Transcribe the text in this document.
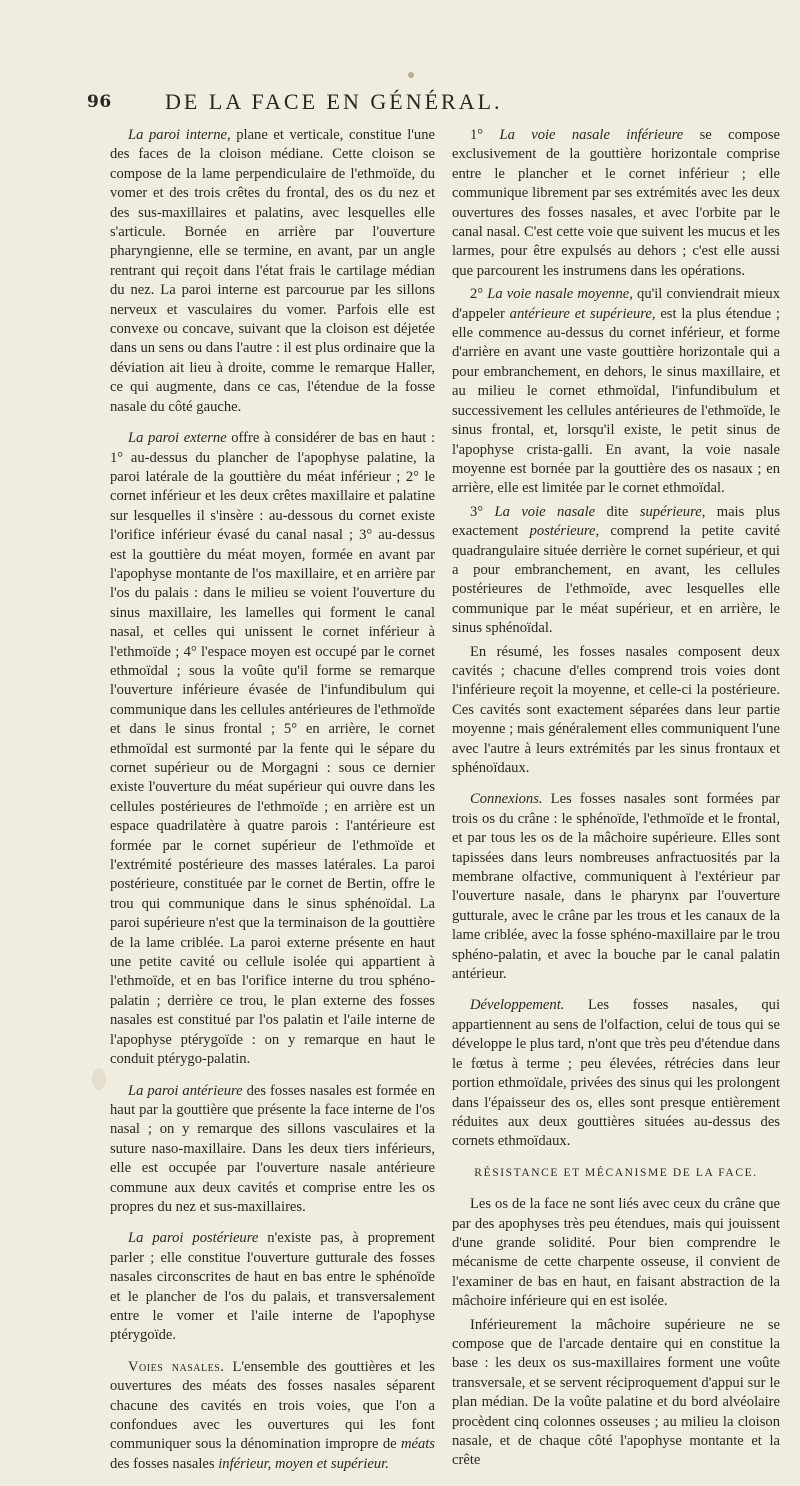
96 DE LA FACE EN GÉNÉRAL.

La paroi interne, plane et verticale, constitue l'une des faces de la cloison médiane. Cette cloison se compose de la lame perpendiculaire de l'ethmoïde, du vomer et des trois crêtes du frontal, des os du nez et des sus-maxillaires et palatins, avec lesquelles elle s'articule. Bornée en arrière par l'ouverture pharyngienne, elle se termine, en avant, par un angle rentrant qui reçoit dans l'état frais le cartilage médian du nez. La paroi interne est parcourue par les sillons nerveux et vasculaires du vomer. Parfois elle est convexe ou concave, suivant que la cloison est déjetée dans un sens ou dans l'autre : il est plus ordinaire que la déviation ait lieu à droite, comme le remarque Haller, ce qui augmente, dans ce cas, l'étendue de la fosse nasale du côté gauche.

La paroi externe offre à considérer de bas en haut : 1° au-dessus du plancher de l'apophyse palatine, la paroi latérale de la gouttière du méat inférieur ; 2° le cornet inférieur et les deux crêtes maxillaire et palatine sur lesquelles il s'insère : au-dessous du cornet existe l'orifice inférieur évasé du canal nasal ; 3° au-dessus est la gouttière du méat moyen, formée en avant par l'apophyse montante de l'os maxillaire, et en arrière par l'os du palais : dans le milieu se voient l'ouverture du sinus maxillaire, les lamelles qui forment le canal nasal, et celles qui unissent le cornet inférieur à l'ethmoïde ; 4° l'espace moyen est occupé par le cornet ethmoïdal ; sous la voûte qu'il forme se remarque l'ouverture inférieure évasée de l'infundibulum qui communique dans les cellules antérieures de l'ethmoïde et dans le sinus frontal ; 5° en arrière, le cornet ethmoïdal est surmonté par la fente qui le sépare du cornet supérieur ou de Morgagni : sous ce dernier existe l'ouverture du méat supérieur qui ouvre dans les cellules postérieures de l'ethmoïde ; en arrière est un espace quadrilatère à quatre parois : l'antérieure est formée par le cornet supérieur de l'ethmoïde et l'extrémité postérieure des masses latérales. La paroi postérieure, constituée par le cornet de Bertin, offre le trou qui communique dans le sinus sphénoïdal. La paroi supérieure n'est que la terminaison de la gouttière de la lame criblée. La paroi externe présente en haut une petite cavité ou cellule isolée qui appartient à l'ethmoïde, et en bas l'orifice interne du trou sphéno-palatin ; derrière ce trou, le plan externe des fosses nasales est constitué par l'os palatin et l'aile interne de l'apophyse ptérygoïde : on y remarque en haut le conduit ptérygo-palatin.

La paroi antérieure des fosses nasales est formée en haut par la gouttière que présente la face interne de l'os nasal ; on y remarque des sillons vasculaires et la suture naso-maxillaire. Dans les deux tiers inférieurs, elle est occupée par l'ouverture nasale antérieure commune aux deux cavités et comprise entre les os propres du nez et sus-maxillaires.

La paroi postérieure n'existe pas, à proprement parler ; elle constitue l'ouverture gutturale des fosses nasales circonscrites de haut en bas entre le sphénoïde et le plancher de l'os du palais, et transversalement entre le vomer et l'aile interne de l'apophyse ptérygoïde.

Voies nasales. L'ensemble des gouttières et les ouvertures des méats des fosses nasales séparent chacune des cavités en trois voies, que l'on a confondues avec les ouvertures qui les font communiquer sous la dénomination impropre de méats des fosses nasales inférieur, moyen et supérieur.

1° La voie nasale inférieure se compose exclusivement de la gouttière horizontale comprise entre le plancher et le cornet inférieur ; elle communique librement par ses extrémités avec les deux ouvertures des fosses nasales, et avec l'orbite par le canal nasal. C'est cette voie que suivent les mucus et les larmes, pour être expulsés au dehors ; c'est elle aussi que parcourent les instrumens dans les opérations.

2° La voie nasale moyenne, qu'il conviendrait mieux d'appeler antérieure et supérieure, est la plus étendue ; elle commence au-dessus du cornet inférieur, et forme d'arrière en avant une vaste gouttière horizontale qui a pour embranchement, en dehors, le sinus maxillaire, et au milieu le cornet ethmoïdal, l'infundibulum et successivement les cellules antérieures de l'ethmoïde, le sinus frontal, et, lorsqu'il existe, le petit sinus de l'apophyse crista-galli. En avant, la voie nasale moyenne est bornée par la gouttière des os nasaux ; en arrière, elle est limitée par le cornet ethmoïdal.

3° La voie nasale dite supérieure, mais plus exactement postérieure, comprend la petite cavité quadrangulaire située derrière le cornet supérieur, et qui a pour embranchement, en avant, les cellules postérieures de l'ethmoïde, avec lesquelles elle communique par le méat supérieur, et en arrière, le sinus sphénoïdal.

En résumé, les fosses nasales composent deux cavités ; chacune d'elles comprend trois voies dont l'inférieure reçoit la moyenne, et celle-ci la postérieure. Ces cavités sont exactement séparées dans leur partie moyenne ; mais généralement elles communiquent l'une avec l'autre à leurs extrémités par les sinus frontaux et sphénoïdaux.

Connexions. Les fosses nasales sont formées par trois os du crâne : le sphénoïde, l'ethmoïde et le frontal, et par tous les os de la mâchoire supérieure. Elles sont tapissées dans leurs nombreuses anfractuosités par la membrane olfactive, communiquent à l'extérieur par l'ouverture nasale, dans le pharynx par l'ouverture gutturale, avec le crâne par les trous et les canaux de la lame criblée, avec la fosse sphéno-maxillaire par le trou sphéno-palatin, et avec la bouche par le canal palatin antérieur.

Développement. Les fosses nasales, qui appartiennent au sens de l'olfaction, celui de tous qui se développe le plus tard, n'ont que très peu d'étendue dans le fœtus à terme ; peu élevées, rétrécies dans leur portion ethmoïdale, privées des sinus qui les prolongent dans l'épaisseur des os, elles sont presque entièrement réduites aux deux gouttières situées au-dessus des cornets ethmoïdaux.

RÉSISTANCE ET MÉCANISME DE LA FACE.

Les os de la face ne sont liés avec ceux du crâne que par des apophyses très peu étendues, mais qui jouissent d'une grande solidité. Pour bien comprendre le mécanisme de cette charpente osseuse, il convient de l'examiner de bas en haut, en faisant abstraction de la mâchoire inférieure qui en est isolée.

Inférieurement la mâchoire supérieure ne se compose que de l'arcade dentaire qui en constitue la base : les deux os sus-maxillaires forment une voûte transversale, et se servent réciproquement d'appui sur le plan médian. De la voûte palatine et du bord alvéolaire procèdent cinq colonnes osseuses ; au milieu la cloison nasale, et de chaque côté l'apophyse montante et la crête
